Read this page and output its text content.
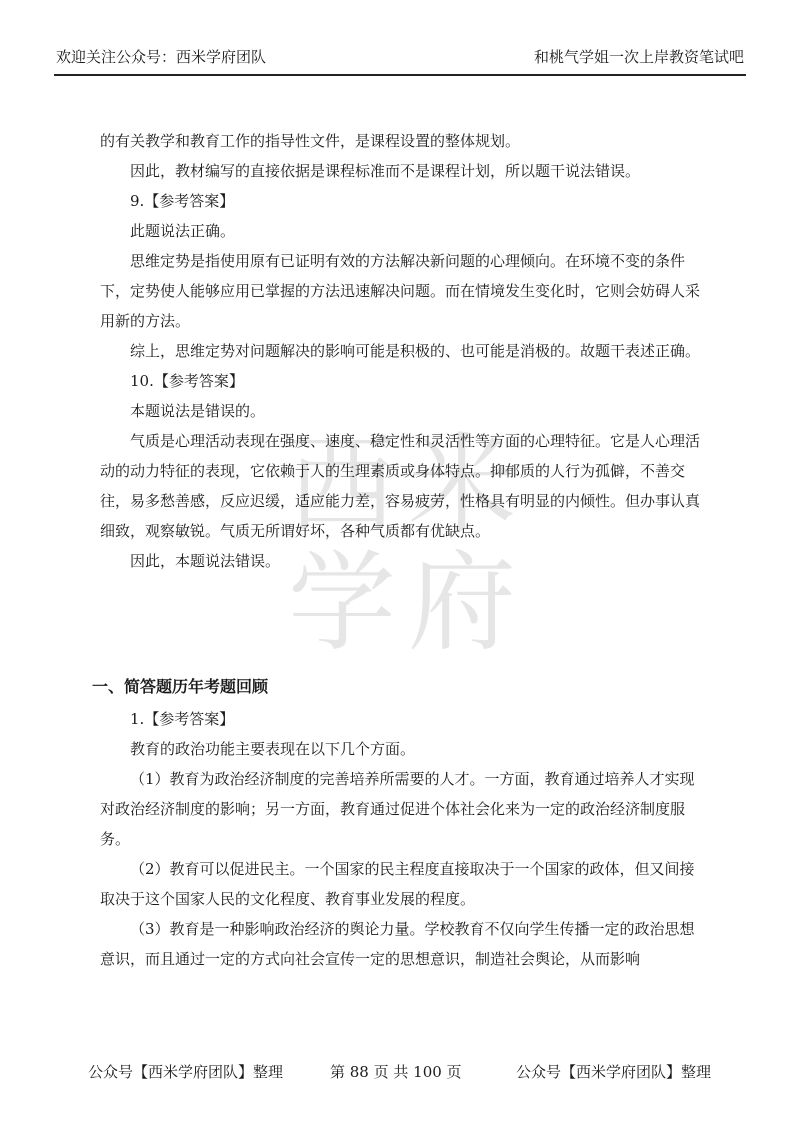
欢迎关注公众号：西米学府团队	和桃气学姐一次上岸教资笔试吧
西 米
学 府

的有关教学和教育工作的指导性文件，是课程设置的整体规划。

因此，教材编写的直接依据是课程标准而不是课程计划，所以题干说法错误。

9.【参考答案】

此题说法正确。

思维定势是指使用原有已证明有效的方法解决新问题的心理倾向。在环境不变的条件下，定势使人能够应用已掌握的方法迅速解决问题。而在情境发生变化时，它则会妨碍人采用新的方法。

综上，思维定势对问题解决的影响可能是积极的、也可能是消极的。故题干表述正确。

10.【参考答案】

本题说法是错误的。

气质是心理活动表现在强度、速度、稳定性和灵活性等方面的心理特征。它是人心理活动的动力特征的表现，它依赖于人的生理素质或身体特点。抑郁质的人行为孤僻，不善交往，易多愁善感，反应迟缓，适应能力差，容易疲劳，性格具有明显的内倾性。但办事认真细致，观察敏锐。气质无所谓好坏，各种气质都有优缺点。

因此，本题说法错误。

一、简答题历年考题回顾

1.【参考答案】

教育的政治功能主要表现在以下几个方面。

（1）教育为政治经济制度的完善培养所需要的人才。一方面，教育通过培养人才实现对政治经济制度的影响；另一方面，教育通过促进个体社会化来为一定的政治经济制度服务。

（2）教育可以促进民主。一个国家的民主程度直接取决于一个国家的政体，但又间接取决于这个国家人民的文化程度、教育事业发展的程度。

（3）教育是一种影响政治经济的舆论力量。学校教育不仅向学生传播一定的政治思想意识，而且通过一定的方式向社会宣传一定的思想意识，制造社会舆论，从而影响

公众号【西米学府团队】整理	第 88 页 共 100 页	公众号【西米学府团队】整理
